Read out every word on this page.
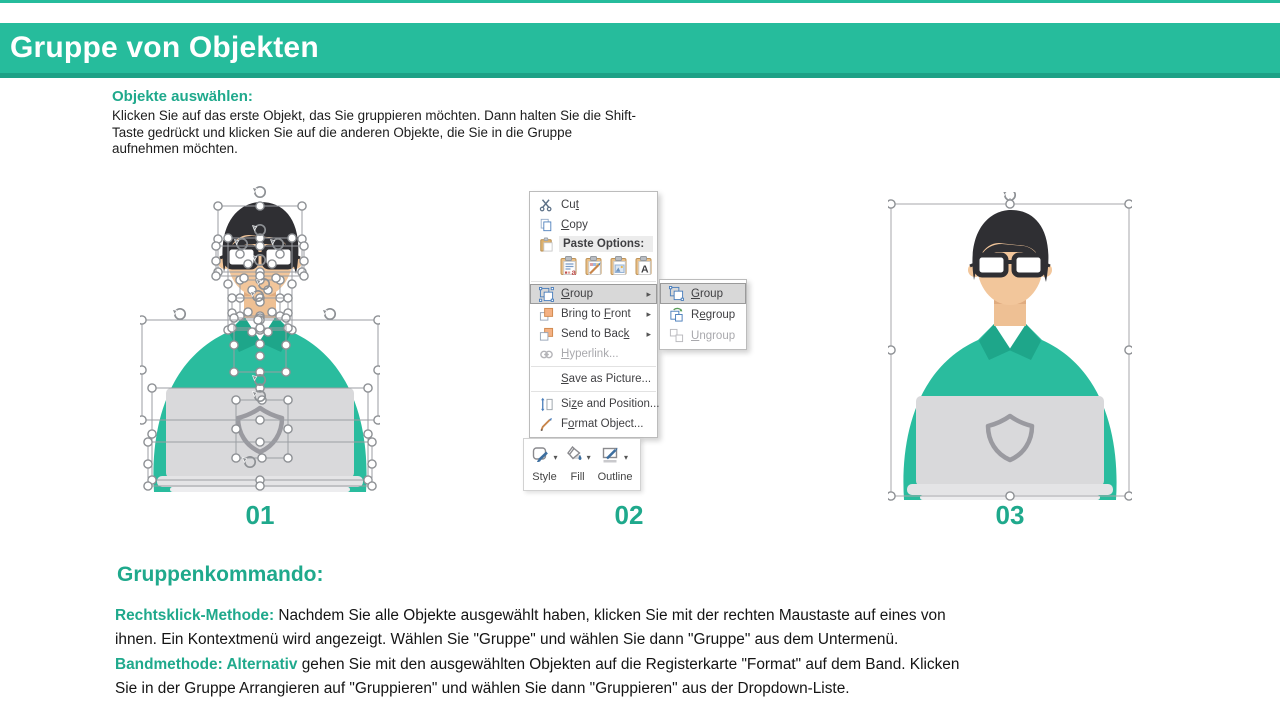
Gruppe von Objekten
Objekte auswählen:
Klicken Sie auf das erste Objekt, das Sie gruppieren möchten. Dann halten Sie die Shift-
Taste gedrückt und klicken Sie auf die anderen Objekte, die Sie in die Gruppe
aufnehmen möchten.
Cut
Copy
Paste Options:
a	A
Group	▸
Bring to Front ▸
Send to Back ▸
Hyperlink...
Save as Picture...
Size and Position...
Format Object...
Group
Regroup
Ungroup
▾
Style
▾
Fill
▾
Outline
01	02	03
Gruppenkommando:
Rechtsklick-Methode: Nachdem Sie alle Objekte ausgewählt haben, klicken Sie mit der rechten Maustaste auf eines von
ihnen. Ein Kontextmenü wird angezeigt. Wählen Sie "Gruppe" und wählen Sie dann "Gruppe" aus dem Untermenü.
Bandmethode: Alternativ gehen Sie mit den ausgewählten Objekten auf die Registerkarte "Format" auf dem Band. Klicken
Sie in der Gruppe Arrangieren auf "Gruppieren" und wählen Sie dann "Gruppieren" aus der Dropdown-Liste.
